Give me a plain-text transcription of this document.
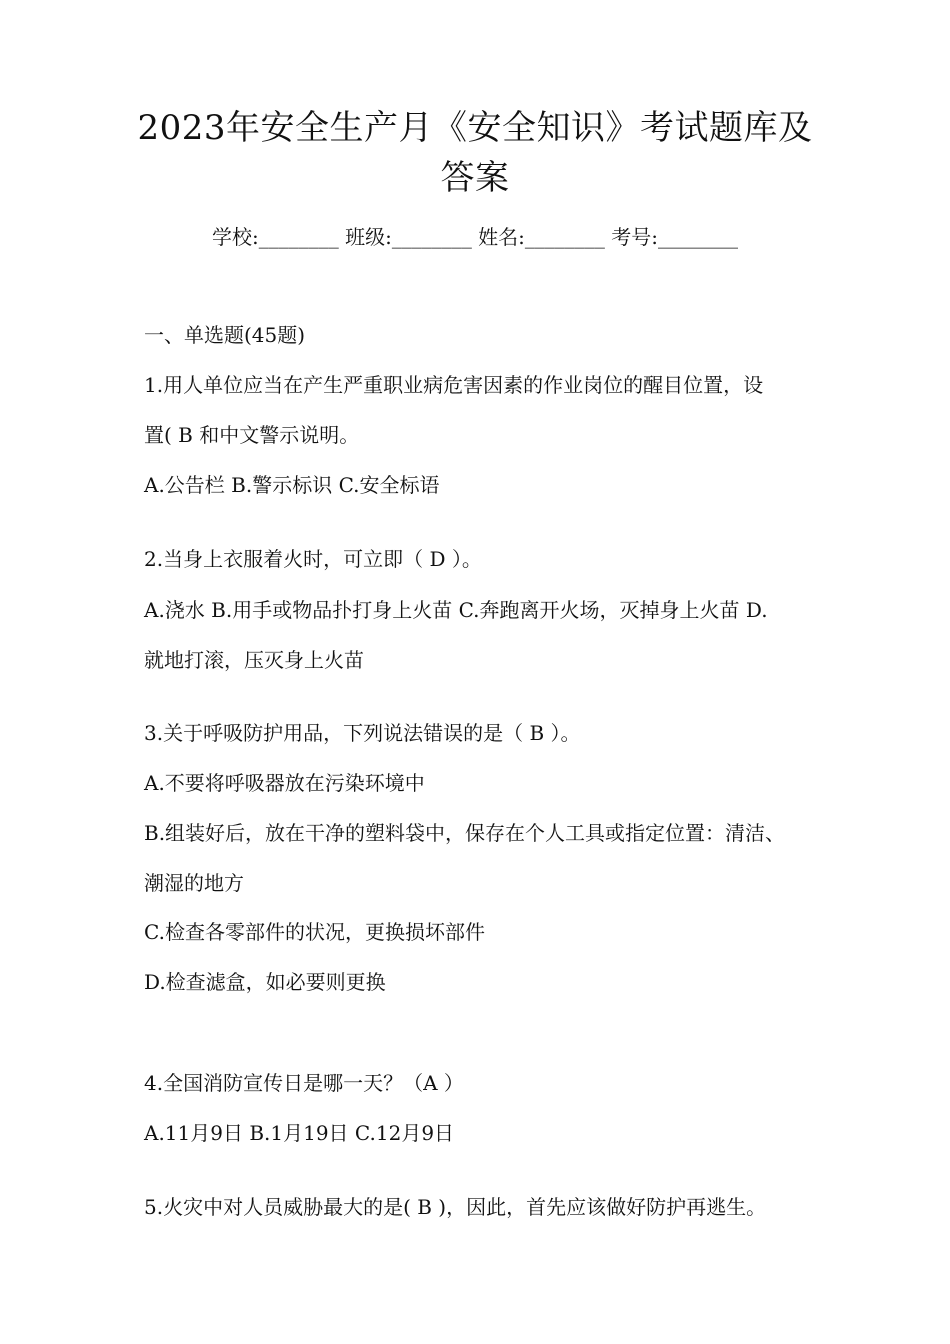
2023年安全生产月《安全知识》考试题库及
答案
学校:________ 班级:________ 姓名:________ 考号:________
一、单选题(45题)
1.用人单位应当在产生严重职业病危害因素的作业岗位的醒目位置，设
置( B 和中文警示说明。
A.公告栏 B.警示标识 C.安全标语
2.当身上衣服着火时，可立即（ D ）。
A.浇水 B.用手或物品扑打身上火苗 C.奔跑离开火场，灭掉身上火苗 D.
就地打滚，压灭身上火苗
3.关于呼吸防护用品，下列说法错误的是（ B ）。
A.不要将呼吸器放在污染环境中
B.组装好后，放在干净的塑料袋中，保存在个人工具或指定位置：清洁、
潮湿的地方
C.检查各零部件的状况，更换损坏部件
D.检查滤盒，如必要则更换
4.全国消防宣传日是哪一天？（A ）
A.11月9日 B.1月19日 C.12月9日
5.火灾中对人员威胁最大的是( B )，因此，首先应该做好防护再逃生。
